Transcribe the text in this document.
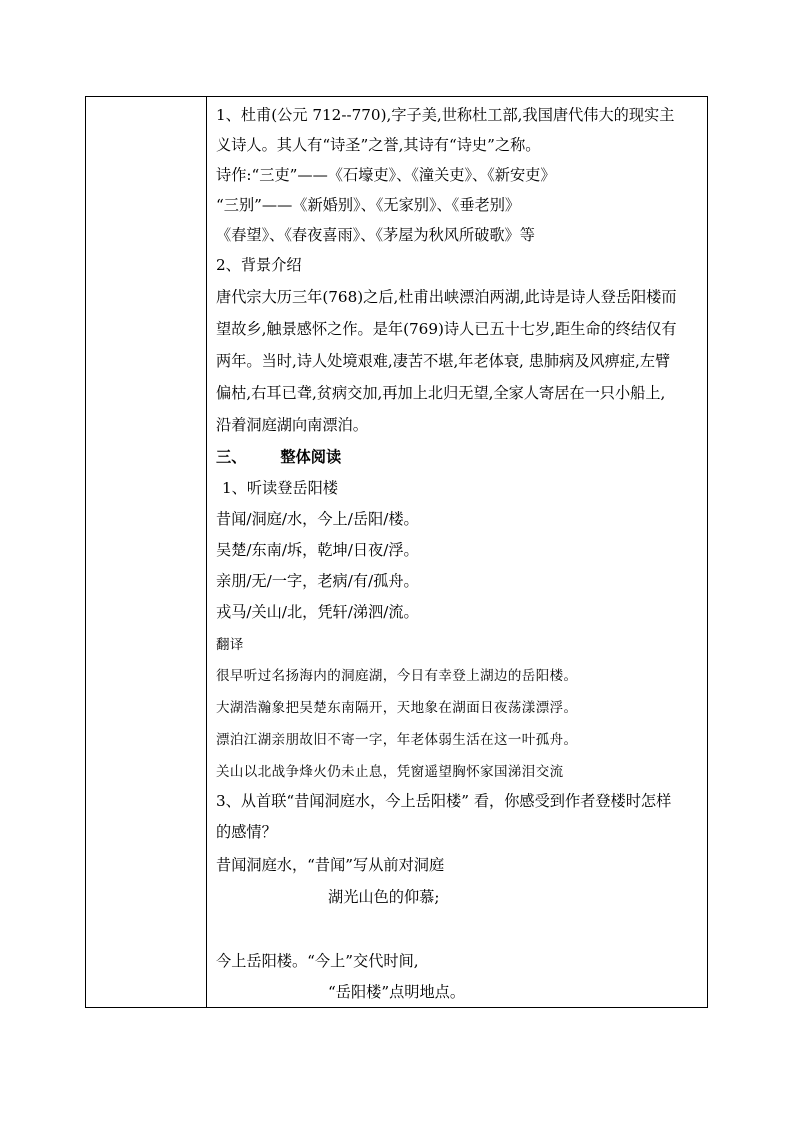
1、杜甫(公元 712--770),字子美,世称杜工部,我国唐代伟大的现实主
义诗人。其人有“诗圣”之誉,其诗有“诗史”之称。
诗作:“三吏”——《石壕吏》、《潼关吏》、《新安吏》
“三别”——《新婚别》、《无家别》、《垂老别》
《春望》、《春夜喜雨》、《茅屋为秋风所破歌》等
2、背景介绍
唐代宗大历三年(768)之后,杜甫出峡漂泊两湖,此诗是诗人登岳阳楼而
望故乡,触景感怀之作。是年(769)诗人已五十七岁,距生命的终结仅有
两年。当时,诗人处境艰难,凄苦不堪,年老体衰, 患肺病及风痹症,左臂
偏枯,右耳已聋,贫病交加,再加上北归无望,全家人寄居在一只小船上,
沿着洞庭湖向南漂泊。
三、 整体阅读
1、听读登岳阳楼
昔闻/洞庭/水，今上/岳阳/楼。
吴楚/东南/坼，乾坤/日夜/浮。
亲朋/无/一字，老病/有/孤舟。
戎马/关山/北，凭轩/涕泗/流。
翻译
很早听过名扬海内的洞庭湖，今日有幸登上湖边的岳阳楼。
大湖浩瀚象把吴楚东南隔开，天地象在湖面日夜荡漾漂浮。
漂泊江湖亲朋故旧不寄一字，年老体弱生活在这一叶孤舟。
关山以北战争烽火仍未止息，凭窗遥望胸怀家国涕泪交流
3、从首联“昔闻洞庭水，今上岳阳楼” 看，你感受到作者登楼时怎样
的感情？
昔闻洞庭水，“昔闻”写从前对洞庭
湖光山色的仰慕;
今上岳阳楼。“今上”交代时间,
“岳阳楼”点明地点。
